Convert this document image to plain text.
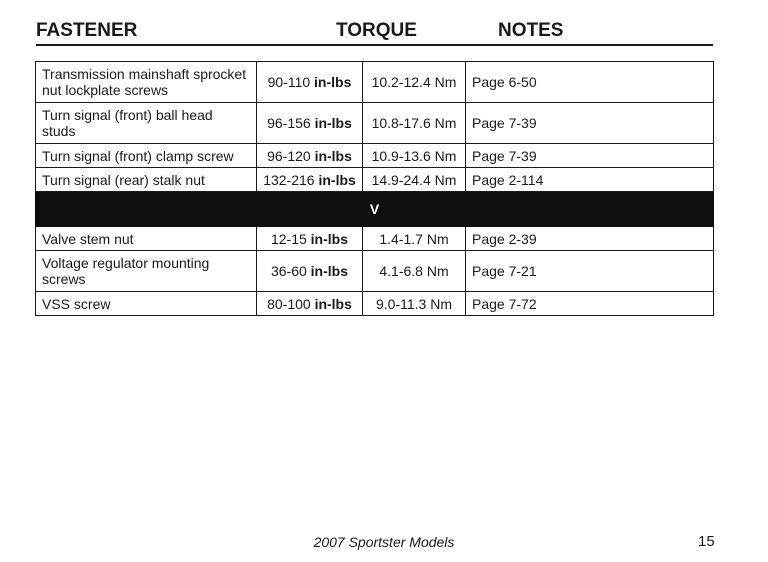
FASTENER	TORQUE	NOTES
Transmission mainshaft sprocket nut lockplate screws	90-110 in-lbs	10.2-12.4 Nm	Page 6-50
Turn signal (front) ball head studs	96-156 in-lbs	10.8-17.6 Nm	Page 7-39
Turn signal (front) clamp screw	96-120 in-lbs	10.9-13.6 Nm	Page 7-39
Turn signal (rear) stalk nut	132-216 in-lbs	14.9-24.4 Nm	Page 2-114
V			
Valve stem nut	12-15 in-lbs	1.4-1.7 Nm	Page 2-39
Voltage regulator mounting screws	36-60 in-lbs	4.1-6.8 Nm	Page 7-21
VSS screw	80-100 in-lbs	9.0-11.3 Nm	Page 7-72
2007 Sportster Models	15
